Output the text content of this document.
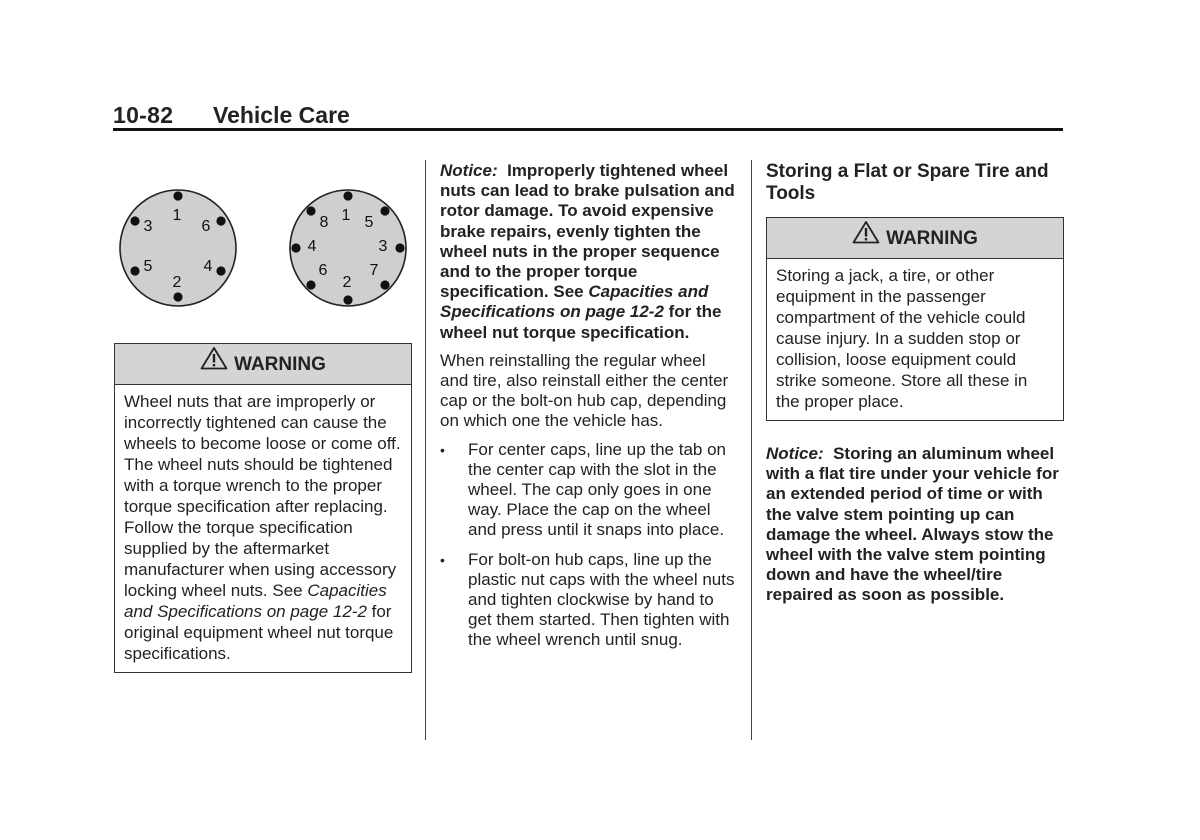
10-82 Vehicle Care
1
2
3
4
5
6
1
2
3
4
5
6	7
8
WARNING
Wheel nuts that are improperly or incorrectly tightened can cause the wheels to become loose or come off. The wheel nuts should be tightened with a torque wrench to the proper torque specification after replacing. Follow the torque specification supplied by the aftermarket manufacturer when using accessory locking wheel nuts. See Capacities and Specifications on page 12-2 for original equipment wheel nut torque specifications.

Notice:  Improperly tightened wheel nuts can lead to brake pulsation and rotor damage. To avoid expensive brake repairs, evenly tighten the wheel nuts in the proper sequence and to the proper torque specification. See Capacities and Specifications on page 12-2 for the wheel nut torque specification.

When reinstalling the regular wheel and tire, also reinstall either the center cap or the bolt-on hub cap, depending on which one the vehicle has.

• For center caps, line up the tab on the center cap with the slot in the wheel. The cap only goes in one way. Place the cap on the wheel and press until it snaps into place.
• For bolt-on hub caps, line up the plastic nut caps with the wheel nuts and tighten clockwise by hand to get them started. Then tighten with the wheel wrench until snug.
Storing a Flat or Spare Tire and Tools
WARNING
Storing a jack, a tire, or other equipment in the passenger compartment of the vehicle could cause injury. In a sudden stop or collision, loose equipment could strike someone. Store all these in the proper place.

Notice:  Storing an aluminum wheel with a flat tire under your vehicle for an extended period of time or with the valve stem pointing up can damage the wheel. Always stow the wheel with the valve stem pointing down and have the wheel/tire repaired as soon as possible.
